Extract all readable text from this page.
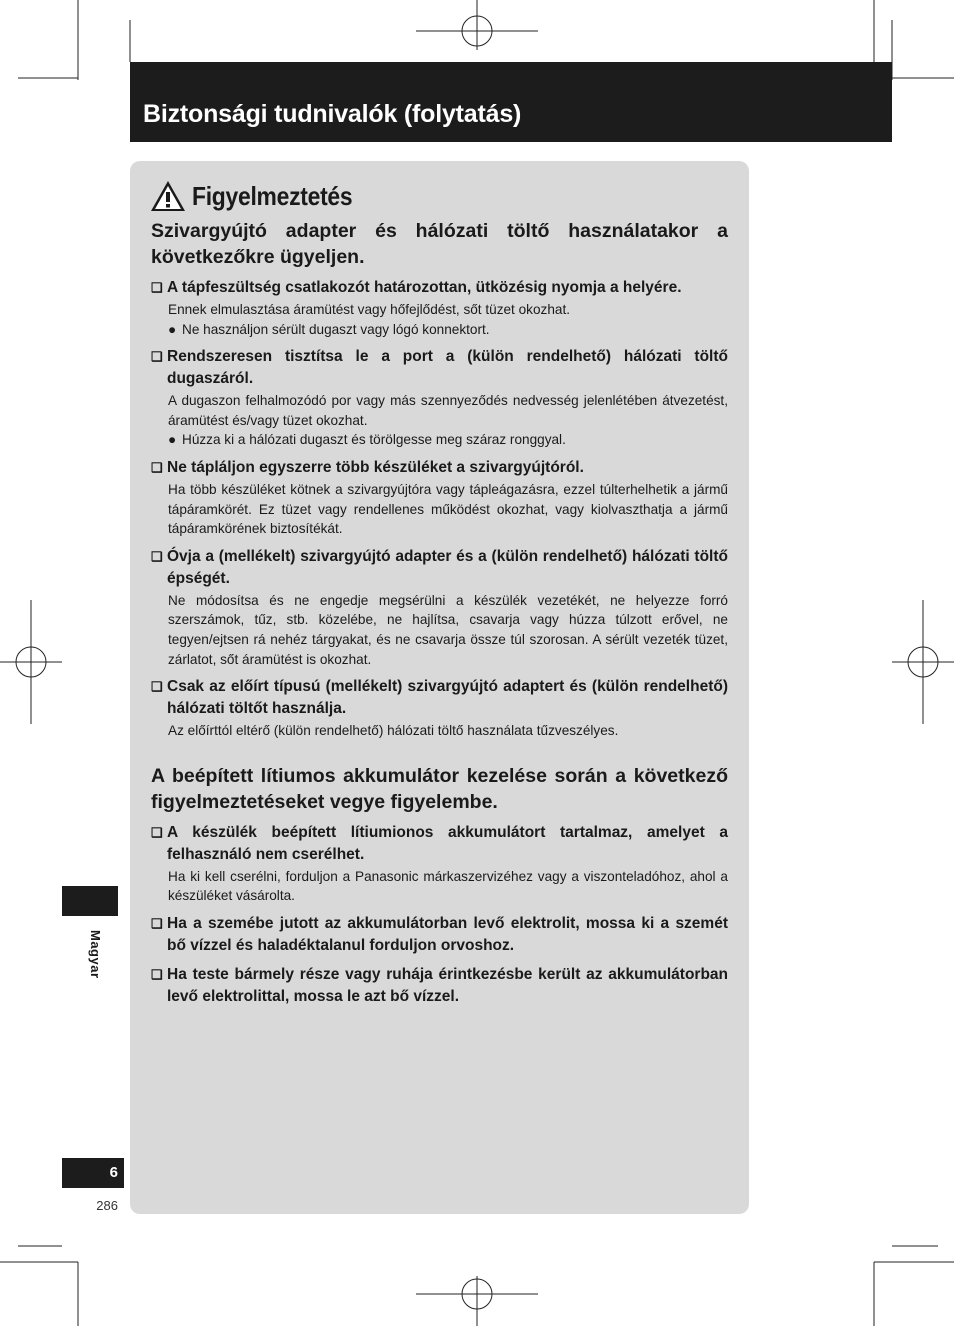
Biztonsági tudnivalók (folytatás)
Figyelmeztetés

Szivargyújtó adapter és hálózati töltő használatakor a következőkre ügyeljen.

❏ A tápfeszültség csatlakozót határozottan, ütközésig nyomja a helyére.
Ennek elmulasztása áramütést vagy hőfejlődést, sőt tüzet okozhat.
● Ne használjon sérült dugaszt vagy lógó konnektort.
❏ Rendszeresen tisztítsa le a port a (külön rendelhető) hálózati töltő dugaszáról.
A dugaszon felhalmozódó por vagy más szennyeződés nedvesség jelenlétében átvezetést, áramütést és/vagy tüzet okozhat.
● Húzza ki a hálózati dugaszt és törölgesse meg száraz ronggyal.
❏ Ne tápláljon egyszerre több készüléket a szivargyújtóról.
Ha több készüléket kötnek a szivargyújtóra vagy tápleágazásra, ezzel túlterhelhetik a jármű tápáramkörét. Ez tüzet vagy rendellenes működést okozhat, vagy kiolvaszthatja a jármű tápáramkörének biztosítékát.
❏ Óvja a (mellékelt) szivargyújtó adapter és a (külön rendelhető) hálózati töltő épségét.
Ne módosítsa és ne engedje megsérülni a készülék vezetékét, ne helyezze forró szerszámok, tűz, stb. közelébe, ne hajlítsa, csavarja vagy húzza túlzott erővel, ne tegyen/ejtsen rá nehéz tárgyakat, és ne csavarja össze túl szorosan. A sérült vezeték tüzet, zárlatot, sőt áramütést is okozhat.
❏ Csak az előírt típusú (mellékelt) szivargyújtó adaptert és (külön rendelhető) hálózati töltőt használja.
Az előírttól eltérő (külön rendelhető) hálózati töltő használata tűzveszélyes.

A beépített lítiumos akkumulátor kezelése során a következő figyelmeztetéseket vegye figyelembe.

❏ A készülék beépített lítiumionos akkumulátort tartalmaz, amelyet a felhasználó nem cserélhet.
Ha ki kell cserélni, forduljon a Panasonic márkaszervizéhez vagy a viszonteladóhoz, ahol a készüléket vásárolta.
❏ Ha a szemébe jutott az akkumulátorban levő elektrolit, mossa ki a szemét bő vízzel és haladéktalanul forduljon orvoshoz.
❏ Ha teste bármely része vagy ruhája érintkezésbe került az akkumulátorban levő elektrolittal, mossa le azt bő vízzel.
Magyar
6
286
